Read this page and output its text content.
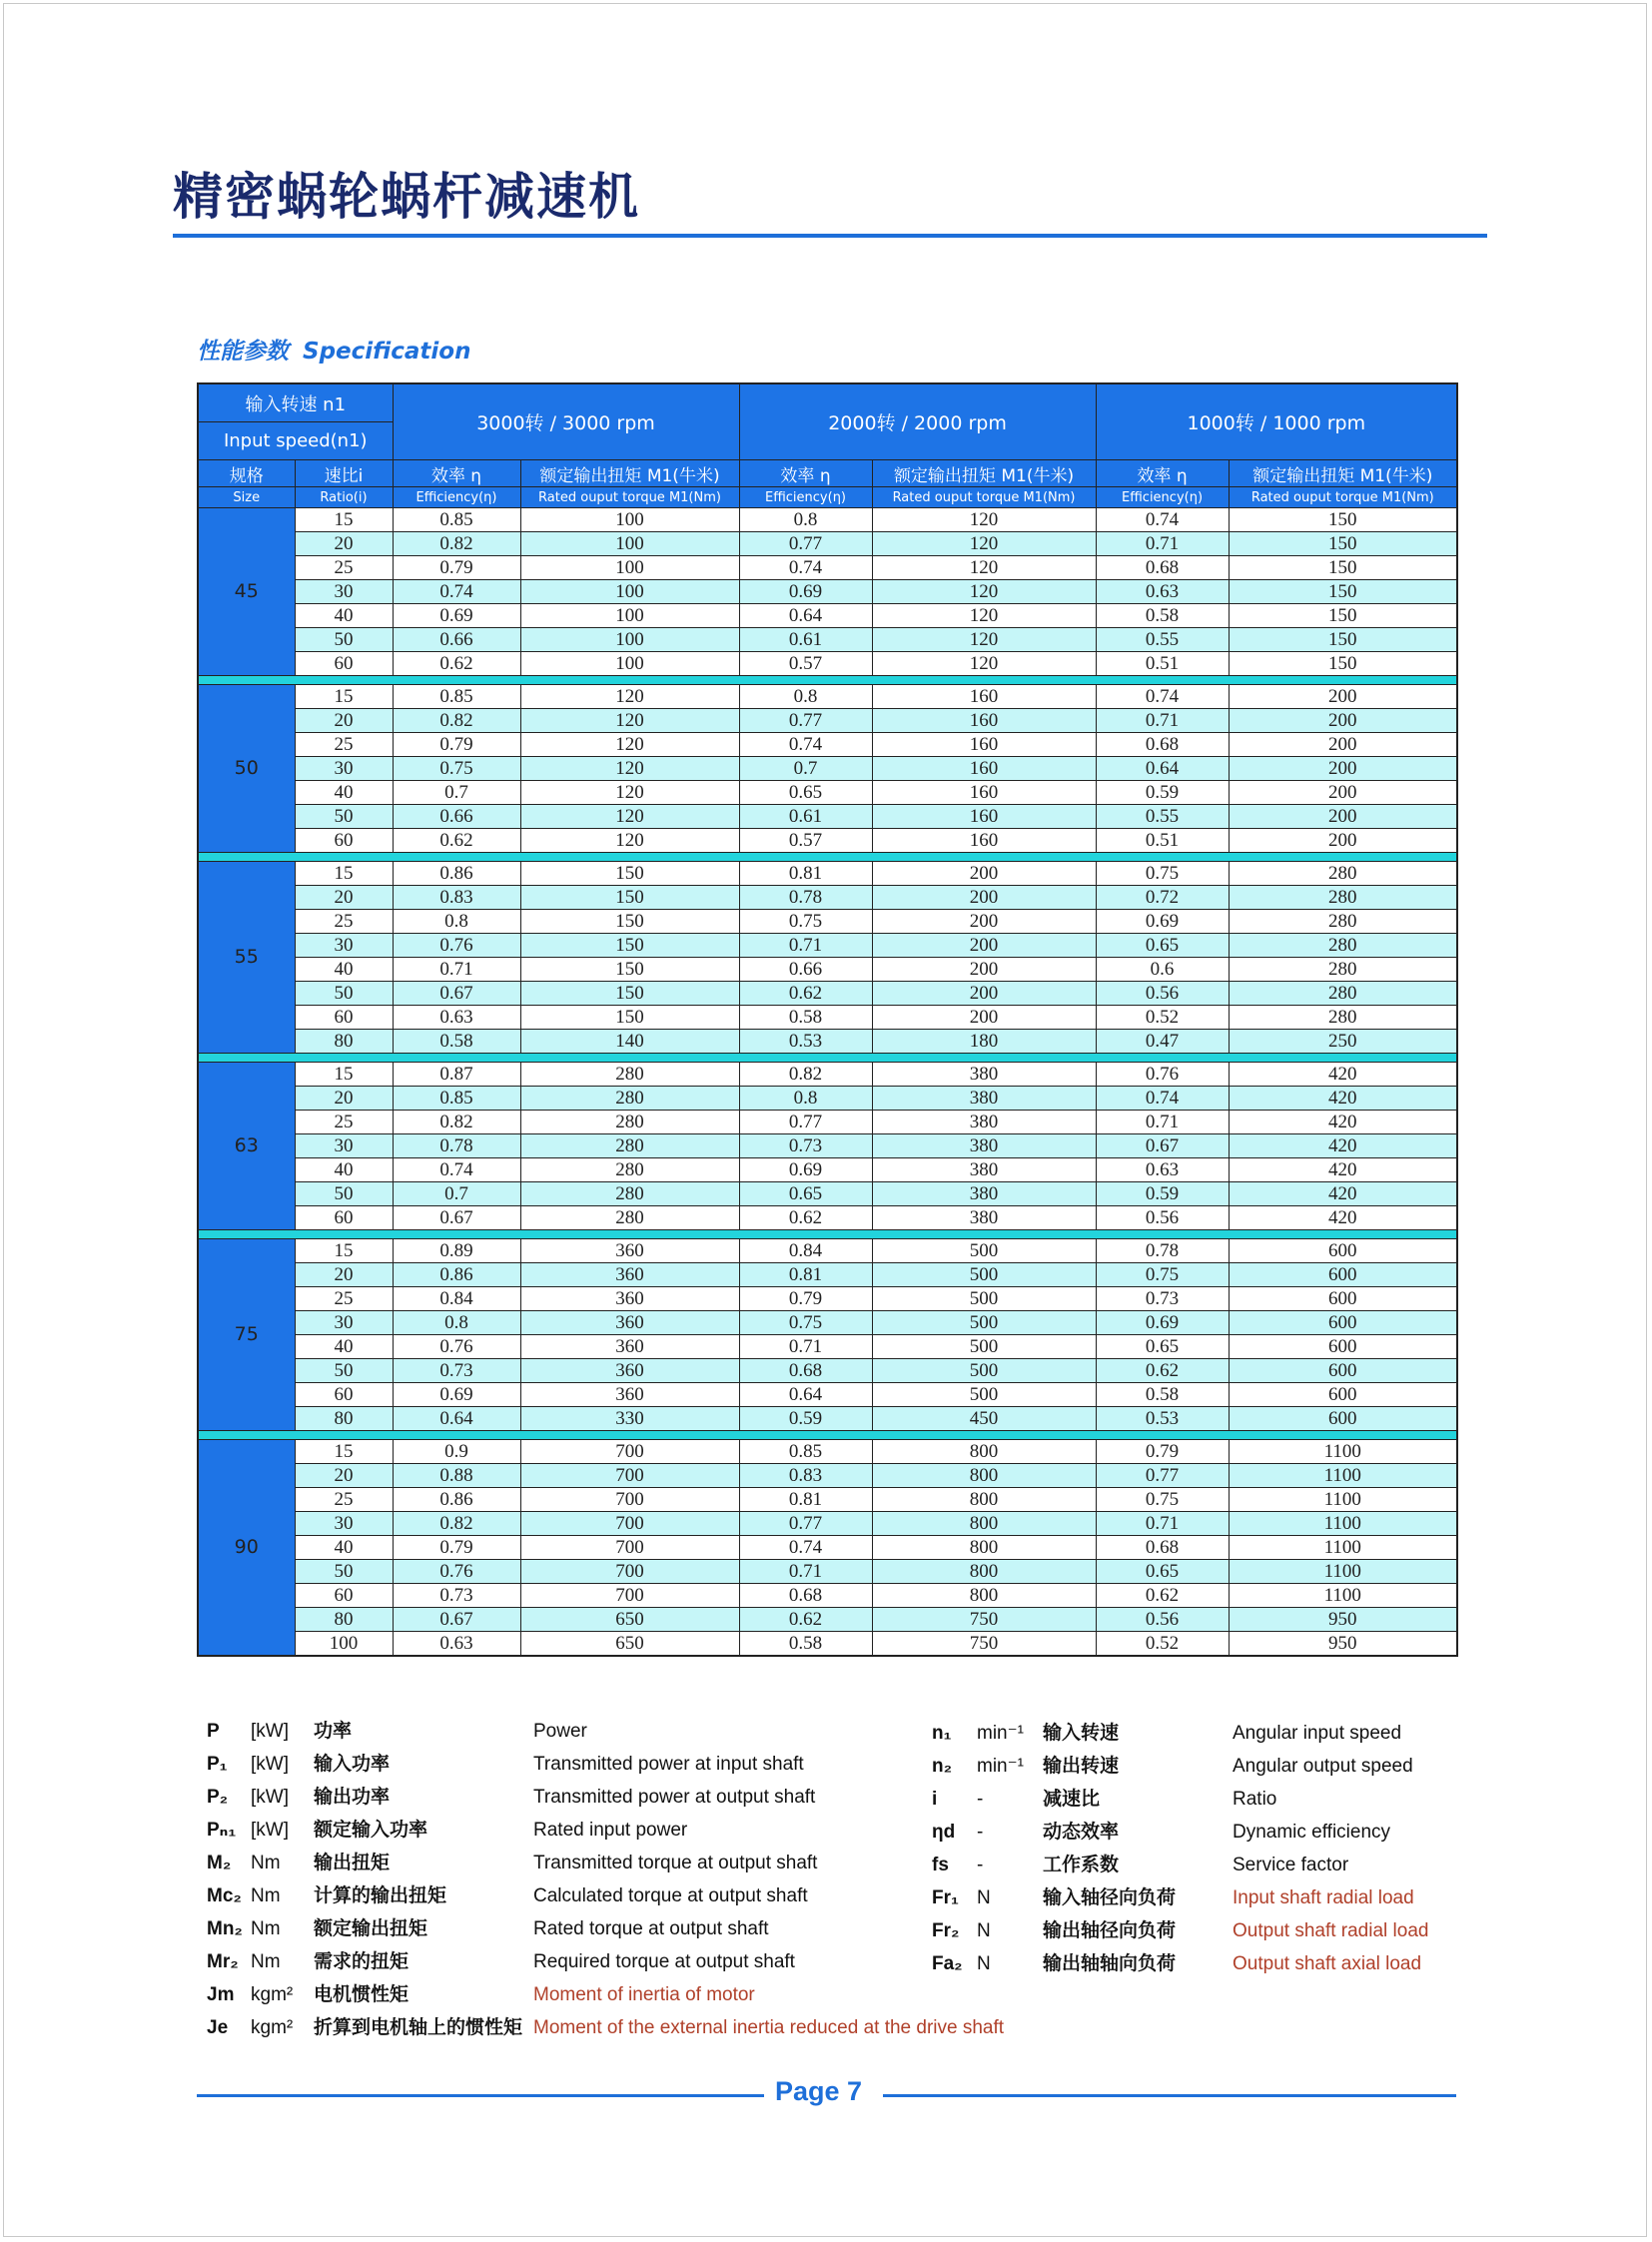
精密蜗轮蜗杆减速机
性能参数 Specification
输入转速 n1		3000转 / 3000 rpm		2000转 / 2000 rpm		1000转 / 1000 rpm	
Input speed(n1)							
规格	速比i	效率 η	额定输出扭矩 M1(牛米)	效率 η	额定输出扭矩 M1(牛米)	效率 η	额定输出扭矩 M1(牛米)
Size	Ratio(i)	Efficiency(η)	Rated ouput torque M1(Nm)	Efficiency(η)	Rated ouput torque M1(Nm)	Efficiency(η)	Rated ouput torque M1(Nm)
45	15	0.85	100	0.8	120	0.74	150
	20	0.82	100	0.77	120	0.71	150
	25	0.79	100	0.74	120	0.68	150
	30	0.74	100	0.69	120	0.63	150
	40	0.69	100	0.64	120	0.58	150
	50	0.66	100	0.61	120	0.55	150
	60	0.62	100	0.57	120	0.51	150

50	15	0.85	120	0.8	160	0.74	200
	20	0.82	120	0.77	160	0.71	200
	25	0.79	120	0.74	160	0.68	200
	30	0.75	120	0.7	160	0.64	200
	40	0.7	120	0.65	160	0.59	200
	50	0.66	120	0.61	160	0.55	200
	60	0.62	120	0.57	160	0.51	200

55	15	0.86	150	0.81	200	0.75	280
	20	0.83	150	0.78	200	0.72	280
	25	0.8	150	0.75	200	0.69	280
	30	0.76	150	0.71	200	0.65	280
	40	0.71	150	0.66	200	0.6	280
	50	0.67	150	0.62	200	0.56	280
	60	0.63	150	0.58	200	0.52	280
	80	0.58	140	0.53	180	0.47	250

63	15	0.87	280	0.82	380	0.76	420
	20	0.85	280	0.8	380	0.74	420
	25	0.82	280	0.77	380	0.71	420
	30	0.78	280	0.73	380	0.67	420
	40	0.74	280	0.69	380	0.63	420
	50	0.7	280	0.65	380	0.59	420
	60	0.67	280	0.62	380	0.56	420

75	15	0.89	360	0.84	500	0.78	600
	20	0.86	360	0.81	500	0.75	600
	25	0.84	360	0.79	500	0.73	600
	30	0.8	360	0.75	500	0.69	600
	40	0.76	360	0.71	500	0.65	600
	50	0.73	360	0.68	500	0.62	600
	60	0.69	360	0.64	500	0.58	600
	80	0.64	330	0.59	450	0.53	600

90	15	0.9	700	0.85	800	0.79	1100
	20	0.88	700	0.83	800	0.77	1100
	25	0.86	700	0.81	800	0.75	1100
	30	0.82	700	0.77	800	0.71	1100
	40	0.79	700	0.74	800	0.68	1100
	50	0.76	700	0.71	800	0.65	1100
	60	0.73	700	0.68	800	0.62	1100
	80	0.67	650	0.62	750	0.56	950
	100	0.63	650	0.58	750	0.52	950
P [kW] 功率	Power
P₁ [kW] 输入功率	Transmitted power at input shaft
P₂ [kW] 输出功率	Transmitted power at output shaft
Pₙ₁ [kW] 额定输入功率	Rated input power
M₂ Nm 输出扭矩	Transmitted torque at output shaft
Mc₂ Nm 计算的输出扭矩	Calculated torque at output shaft
Mn₂ Nm 额定输出扭矩	Rated torque at output shaft
Mr₂ Nm 需求的扭矩	Required torque at output shaft
Jm kgm² 电机惯性矩	Moment of inertia of motor
Je kgm² 折算到电机轴上的惯性矩 Moment of the external inertia reduced at the drive shaft
n₁ min⁻¹ 输入转速	Angular input speed
n₂ min⁻¹ 输出转速	Angular output speed
i -	减速比	Ratio
ηd -	动态效率	Dynamic efficiency
fs -	工作系数	Service factor
Fr₁ N	输入轴径向负荷	Input shaft radial load
Fr₂ N	输出轴径向负荷	Output shaft radial load
Fa₂ N	输出轴轴向负荷	Output shaft axial load
Page 7
